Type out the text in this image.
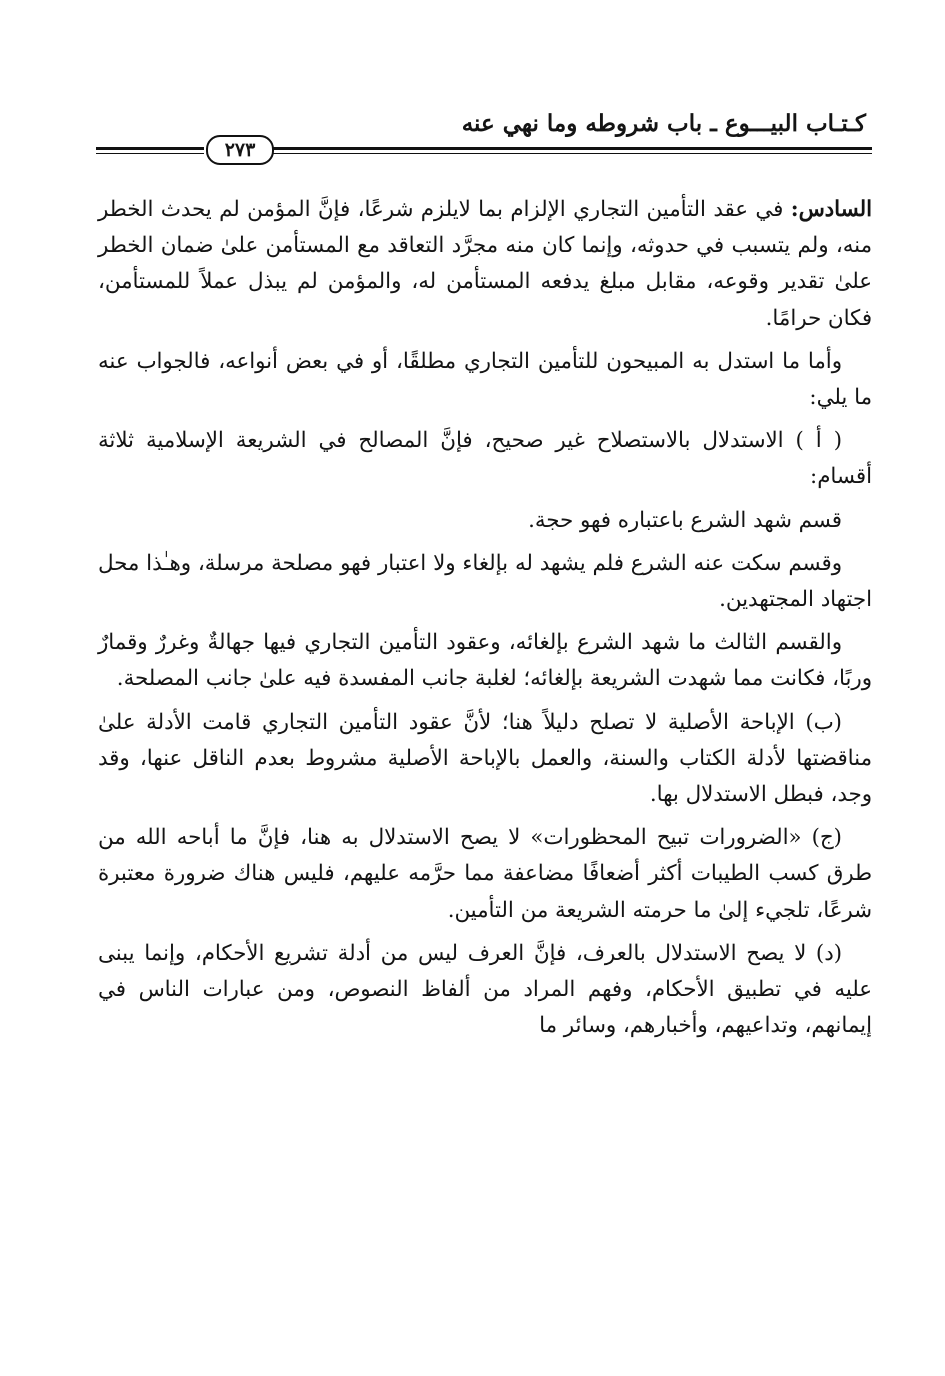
كـتـاب البيـــوع ـ باب شروطه وما نهي عنه
٢٧٣

السادس: في عقد التأمين التجاري الإلزام بما لايلزم شرعًا، فإنَّ المؤمن لم يحدث الخطر منه، ولم يتسبب في حدوثه، وإنما كان منه مجرَّد التعاقد مع المستأمن علىٰ ضمان الخطر علىٰ تقدير وقوعه، مقابل مبلغ يدفعه المستأمن له، والمؤمن لم يبذل عملاً للمستأمن، فكان حرامًا.

وأما ما استدل به المبيحون للتأمين التجاري مطلقًا، أو في بعض أنواعه، فالجواب عنه ما يلي:

( أ ) الاستدلال بالاستصلاح غير صحيح، فإنَّ المصالح في الشريعة الإسلامية ثلاثة أقسام:

قسم شهد الشرع باعتباره فهو حجة.

وقسم سكت عنه الشرع فلم يشهد له بإلغاء ولا اعتبار فهو مصلحة مرسلة، وهـٰذا محل اجتهاد المجتهدين.

والقسم الثالث ما شهد الشرع بإلغائه، وعقود التأمين التجاري فيها جهالةٌ وغررٌ وقمارٌ وربًا، فكانت مما شهدت الشريعة بإلغائه؛ لغلبة جانب المفسدة فيه علىٰ جانب المصلحة.

(ب) الإباحة الأصلية لا تصلح دليلاً هنا؛ لأنَّ عقود التأمين التجاري قامت الأدلة علىٰ مناقضتها لأدلة الكتاب والسنة، والعمل بالإباحة الأصلية مشروط بعدم الناقل عنها، وقد وجد، فبطل الاستدلال بها.

(ج) «الضرورات تبيح المحظورات» لا يصح الاستدلال به هنا، فإنَّ ما أباحه الله من طرق كسب الطيبات أكثر أضعافًا مضاعفة مما حرَّمه عليهم، فليس هناك ضرورة معتبرة شرعًا، تلجيء إلىٰ ما حرمته الشريعة من التأمين.

(د) لا يصح الاستدلال بالعرف، فإنَّ العرف ليس من أدلة تشريع الأحكام، وإنما يبنى عليه في تطبيق الأحكام، وفهم المراد من ألفاظ النصوص، ومن عبارات الناس في إيمانهم، وتداعيهم، وأخبارهم، وسائر ما
